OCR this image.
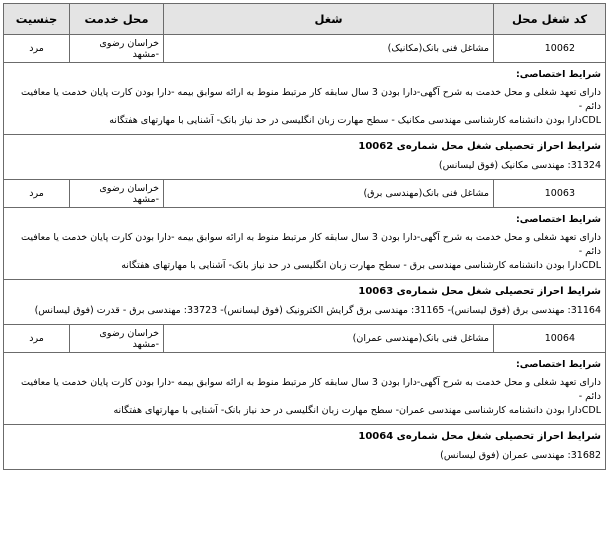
کد شغل محل	شغل	محل خدمت	جنسیت
10062	مشاغل فنی بانک(مکانیک)	خراسان رضوی -مشهد	مرد

شرایط اختصاصی:
دارای تعهد شغلی و محل خدمت به شرح آگهی-دارا بودن 3 سال سابقه کار مرتبط منوط به ارائه سوابق بیمه -دارا بودن کارت پایان خدمت یا معافیت دائم -
CDLدارا بودن دانشنامه کارشناسی مهندسی مکانیک - سطح مهارت زبان انگلیسی در حد نیاز بانک- آشنایی با مهارتهای هفتگانه			

شرایط احراز تحصیلی شغل محل شماره‌ی 10062
31324: مهندسی مکانیک (فوق لیسانس)			

10063	مشاغل فنی بانک(مهندسی برق)	خراسان رضوی -مشهد	مرد

شرایط اختصاصی:
دارای تعهد شغلی و محل خدمت به شرح آگهی-دارا بودن 3 سال سابقه کار مرتبط منوط به ارائه سوابق بیمه -دارا بودن کارت پایان خدمت یا معافیت دائم -
CDLدارا بودن دانشنامه کارشناسی مهندسی برق - سطح مهارت زبان انگلیسی در حد نیاز بانک- آشنایی با مهارتهای هفتگانه			

شرایط احراز تحصیلی شغل محل شماره‌ی 10063
31164: مهندسی برق (فوق لیسانس)- 31165: مهندسی برق گرایش الکترونیک (فوق لیسانس)- 33723: مهندسی برق - قدرت (فوق لیسانس)			

10064	مشاغل فنی بانک(مهندسی عمران)	خراسان رضوی -مشهد	مرد

شرایط اختصاصی:
دارای تعهد شغلی و محل خدمت به شرح آگهی-دارا بودن 3 سال سابقه کار مرتبط منوط به ارائه سوابق بیمه -دارا بودن کارت پایان خدمت یا معافیت دائم -
CDLدارا بودن دانشنامه کارشناسی مهندسی عمران- سطح مهارت زبان انگلیسی در حد نیاز بانک- آشنایی با مهارتهای هفتگانه			

شرایط احراز تحصیلی شغل محل شماره‌ی 10064
31682: مهندسی عمران (فوق لیسانس)			
